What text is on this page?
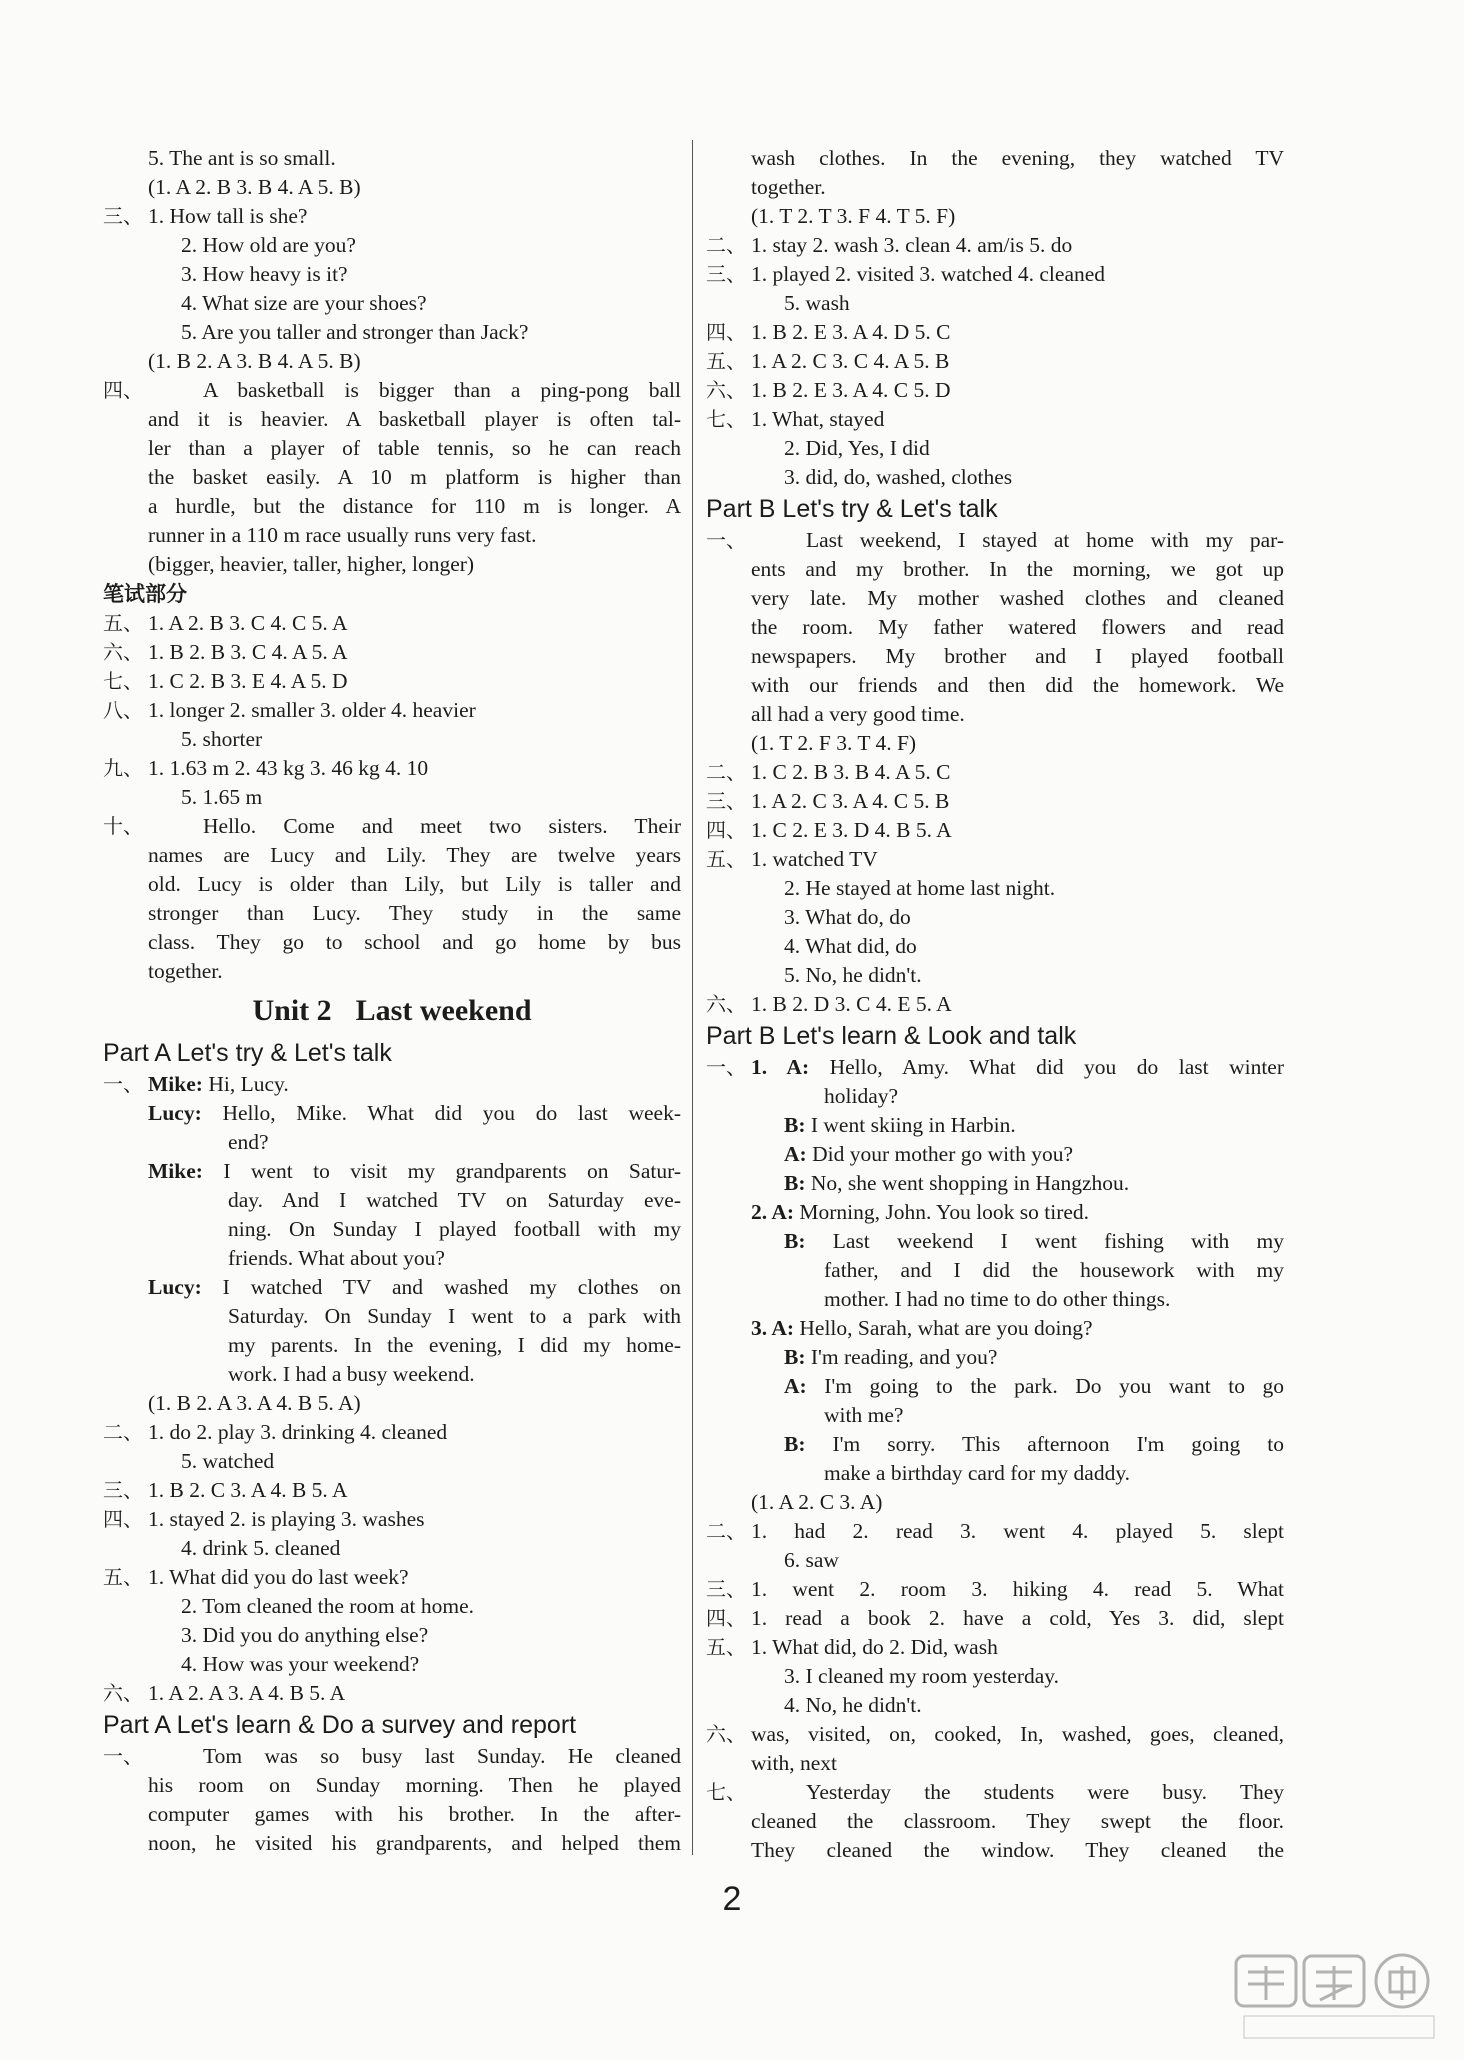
5. The ant is so small.
(1. A 2. B 3. B 4. A 5. B)
三、 1. How tall is she?
2. How old are you?
3. How heavy is it?
4. What size are your shoes?
5. Are you taller and stronger than Jack?
(1. B 2. A 3. B 4. A 5. B)
四、	A basketball is bigger than a ping-pong ball
and it is heavier. A basketball player is often tal-
ler than a player of table tennis, so he can reach
the basket easily. A 10 m platform is higher than
a hurdle, but the distance for 110 m is longer. A
runner in a 110 m race usually runs very fast.
(bigger, heavier, taller, higher, longer)
笔试部分
五、 1. A 2. B 3. C 4. C 5. A
六、 1. B 2. B 3. C 4. A 5. A
七、 1. C 2. B 3. E 4. A 5. D
八、 1. longer 2. smaller 3. older 4. heavier
5. shorter
九、 1. 1.63 m 2. 43 kg 3. 46 kg 4. 10
5. 1.65 m
十、	Hello. Come and meet two sisters. Their
names are Lucy and Lily. They are twelve years
old. Lucy is older than Lily, but Lily is taller and
stronger than Lucy. They study in the same
class. They go to school and go home by bus
together.
Unit 2 Last weekend
Part A Let's try & Let's talk
一、 Mike: Hi, Lucy.
Lucy: Hello, Mike. What did you do last week-
end?
Mike: I went to visit my grandparents on Satur-
day. And I watched TV on Saturday eve-
ning. On Sunday I played football with my
friends. What about you?
Lucy: I watched TV and washed my clothes on
Saturday. On Sunday I went to a park with
my parents. In the evening, I did my home-
work. I had a busy weekend.
(1. B 2. A 3. A 4. B 5. A)
二、 1. do 2. play 3. drinking 4. cleaned
5. watched
三、 1. B 2. C 3. A 4. B 5. A
四、 1. stayed 2. is playing 3. washes
4. drink 5. cleaned
五、 1. What did you do last week?
2. Tom cleaned the room at home.
3. Did you do anything else?
4. How was your weekend?
六、 1. A 2. A 3. A 4. B 5. A
Part A Let's learn & Do a survey and report
一、	Tom was so busy last Sunday. He cleaned
his room on Sunday morning. Then he played
computer games with his brother. In the after-
noon, he visited his grandparents, and helped them
wash clothes. In the evening, they watched TV
together.
(1. T 2. T 3. F 4. T 5. F)
二、 1. stay 2. wash 3. clean 4. am/is 5. do
三、 1. played 2. visited 3. watched 4. cleaned
5. wash
四、 1. B 2. E 3. A 4. D 5. C
五、 1. A 2. C 3. C 4. A 5. B
六、 1. B 2. E 3. A 4. C 5. D
七、 1. What, stayed
2. Did, Yes, I did
3. did, do, washed, clothes
Part B Let's try & Let's talk
一、	Last weekend, I stayed at home with my par-
ents and my brother. In the morning, we got up
very late. My mother washed clothes and cleaned
the room. My father watered flowers and read
newspapers. My brother and I played football
with our friends and then did the homework. We
all had a very good time.
(1. T 2. F 3. T 4. F)
二、 1. C 2. B 3. B 4. A 5. C
三、 1. A 2. C 3. A 4. C 5. B
四、 1. C 2. E 3. D 4. B 5. A
五、 1. watched TV
2. He stayed at home last night.
3. What do, do
4. What did, do
5. No, he didn't.
六、 1. B 2. D 3. C 4. E 5. A
Part B Let's learn & Look and talk
一、 1. A: Hello, Amy. What did you do last winter
holiday?
B: I went skiing in Harbin.
A: Did your mother go with you?
B: No, she went shopping in Hangzhou.
2. A: Morning, John. You look so tired.
B: Last weekend I went fishing with my
father, and I did the housework with my
mother. I had no time to do other things.
3. A: Hello, Sarah, what are you doing?
B: I'm reading, and you?
A: I'm going to the park. Do you want to go
with me?
B: I'm sorry. This afternoon I'm going to
make a birthday card for my daddy.
(1. A 2. C 3. A)
二、 1. had 2. read 3. went 4. played 5. slept
6. saw
三、 1. went 2. room 3. hiking 4. read 5. What
四、 1. read a book 2. have a cold, Yes 3. did, slept
五、 1. What did, do 2. Did, wash
3. I cleaned my room yesterday.
4. No, he didn't.
六、 was, visited, on, cooked, In, washed, goes, cleaned,
with, next
七、	Yesterday the students were busy. They
cleaned the classroom. They swept the floor.
They cleaned the window. They cleaned the
2
